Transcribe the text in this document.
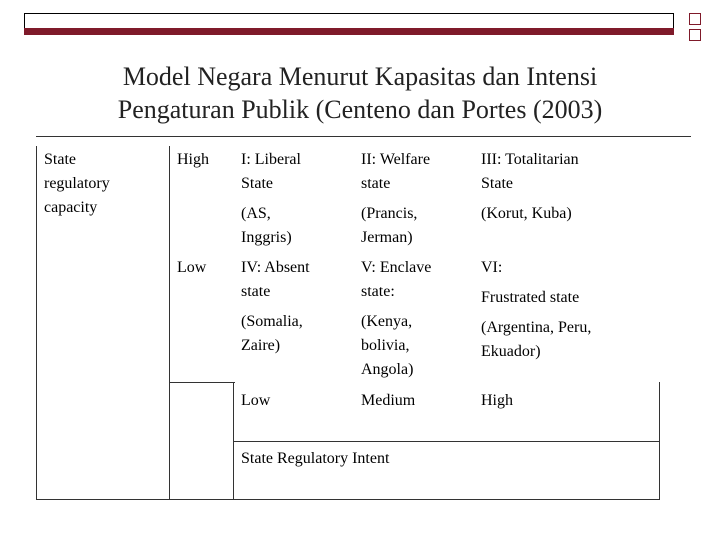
Model Negara Menurut Kapasitas dan Intensi
Pengaturan Publik (Centeno dan Portes (2003)
State
regulatory
capacity
High
Low
I: Liberal
State
(AS,
Inggris)
II: Welfare
state
(Prancis,
Jerman)
III: Totalitarian
State
(Korut, Kuba)
IV: Absent
state
(Somalia,
Zaire)
V: Enclave
state:
(Kenya,
bolivia,
Angola)
VI:
Frustrated state
(Argentina, Peru,
Ekuador)
Low	Medium	High
State Regulatory Intent
